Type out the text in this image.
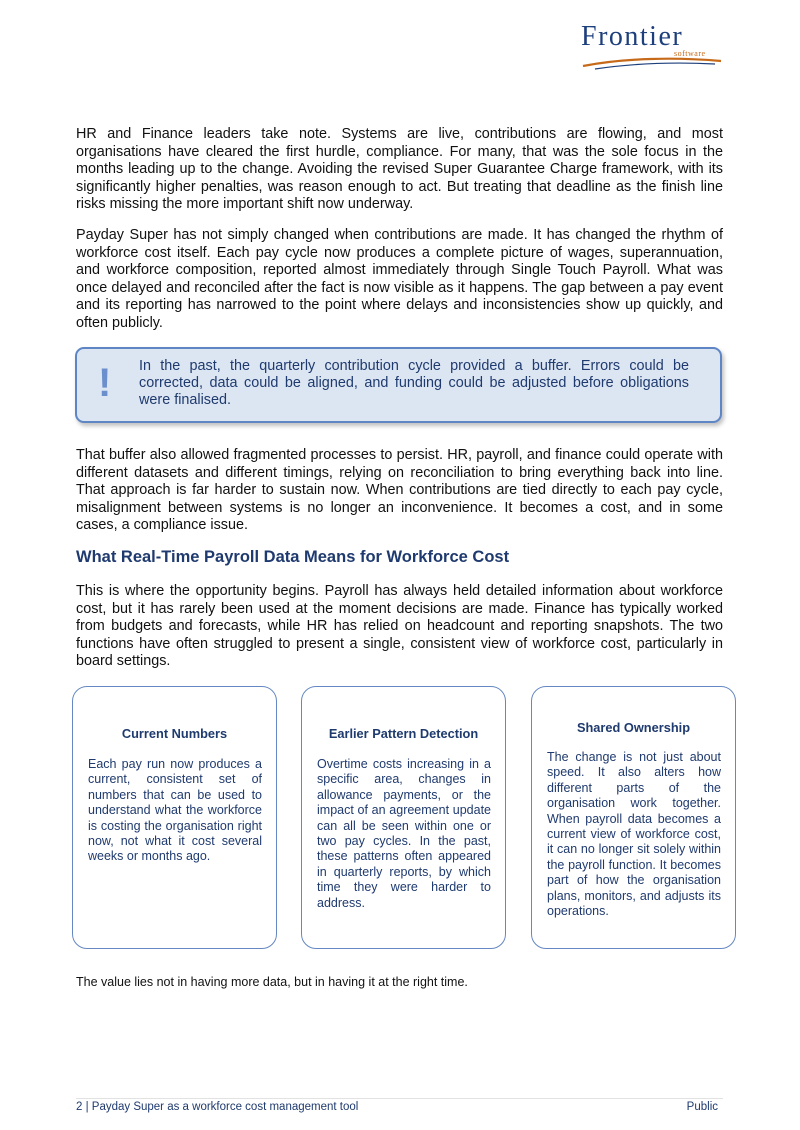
Frontier
software

HR and Finance leaders take note. Systems are live, contributions are flowing, and most organisations have cleared the first hurdle, compliance. For many, that was the sole focus in the months leading up to the change. Avoiding the revised Super Guarantee Charge framework, with its significantly higher penalties, was reason enough to act. But treating that deadline as the finish line risks missing the more important shift now underway.

Payday Super has not simply changed when contributions are made. It has changed the rhythm of workforce cost itself. Each pay cycle now produces a complete picture of wages, superannuation, and workforce composition, reported almost immediately through Single Touch Payroll. What was once delayed and reconciled after the fact is now visible as it happens. The gap between a pay event and its reporting has narrowed to the point where delays and inconsistencies show up quickly, and often publicly.

! In the past, the quarterly contribution cycle provided a buffer. Errors could be corrected, data could be aligned, and funding could be adjusted before obligations were finalised.

That buffer also allowed fragmented processes to persist. HR, payroll, and finance could operate with different datasets and different timings, relying on reconciliation to bring everything back into line. That approach is far harder to sustain now. When contributions are tied directly to each pay cycle, misalignment between systems is no longer an inconvenience. It becomes a cost, and in some cases, a compliance issue.

What Real-Time Payroll Data Means for Workforce Cost

This is where the opportunity begins. Payroll has always held detailed information about workforce cost, but it has rarely been used at the moment decisions are made. Finance has typically worked from budgets and forecasts, while HR has relied on headcount and reporting snapshots. The two functions have often struggled to present a single, consistent view of workforce cost, particularly in board settings.

Current Numbers

Each pay run now produces a current, consistent set of numbers that can be used to understand what the workforce is costing the organisation right now, not what it cost several weeks or months ago.

Earlier Pattern Detection

Overtime costs increasing in a specific area, changes in allowance payments, or the impact of an agreement update can all be seen within one or two pay cycles. In the past, these patterns often appeared in quarterly reports, by which time they were harder to address.

Shared Ownership

The change is not just about speed. It also alters how different parts of the organisation work together. When payroll data becomes a current view of workforce cost, it can no longer sit solely within the payroll function. It becomes part of how the organisation plans, monitors, and adjusts its operations.

The value lies not in having more data, but in having it at the right time.

2 | Payday Super as a workforce cost management tool	Public
